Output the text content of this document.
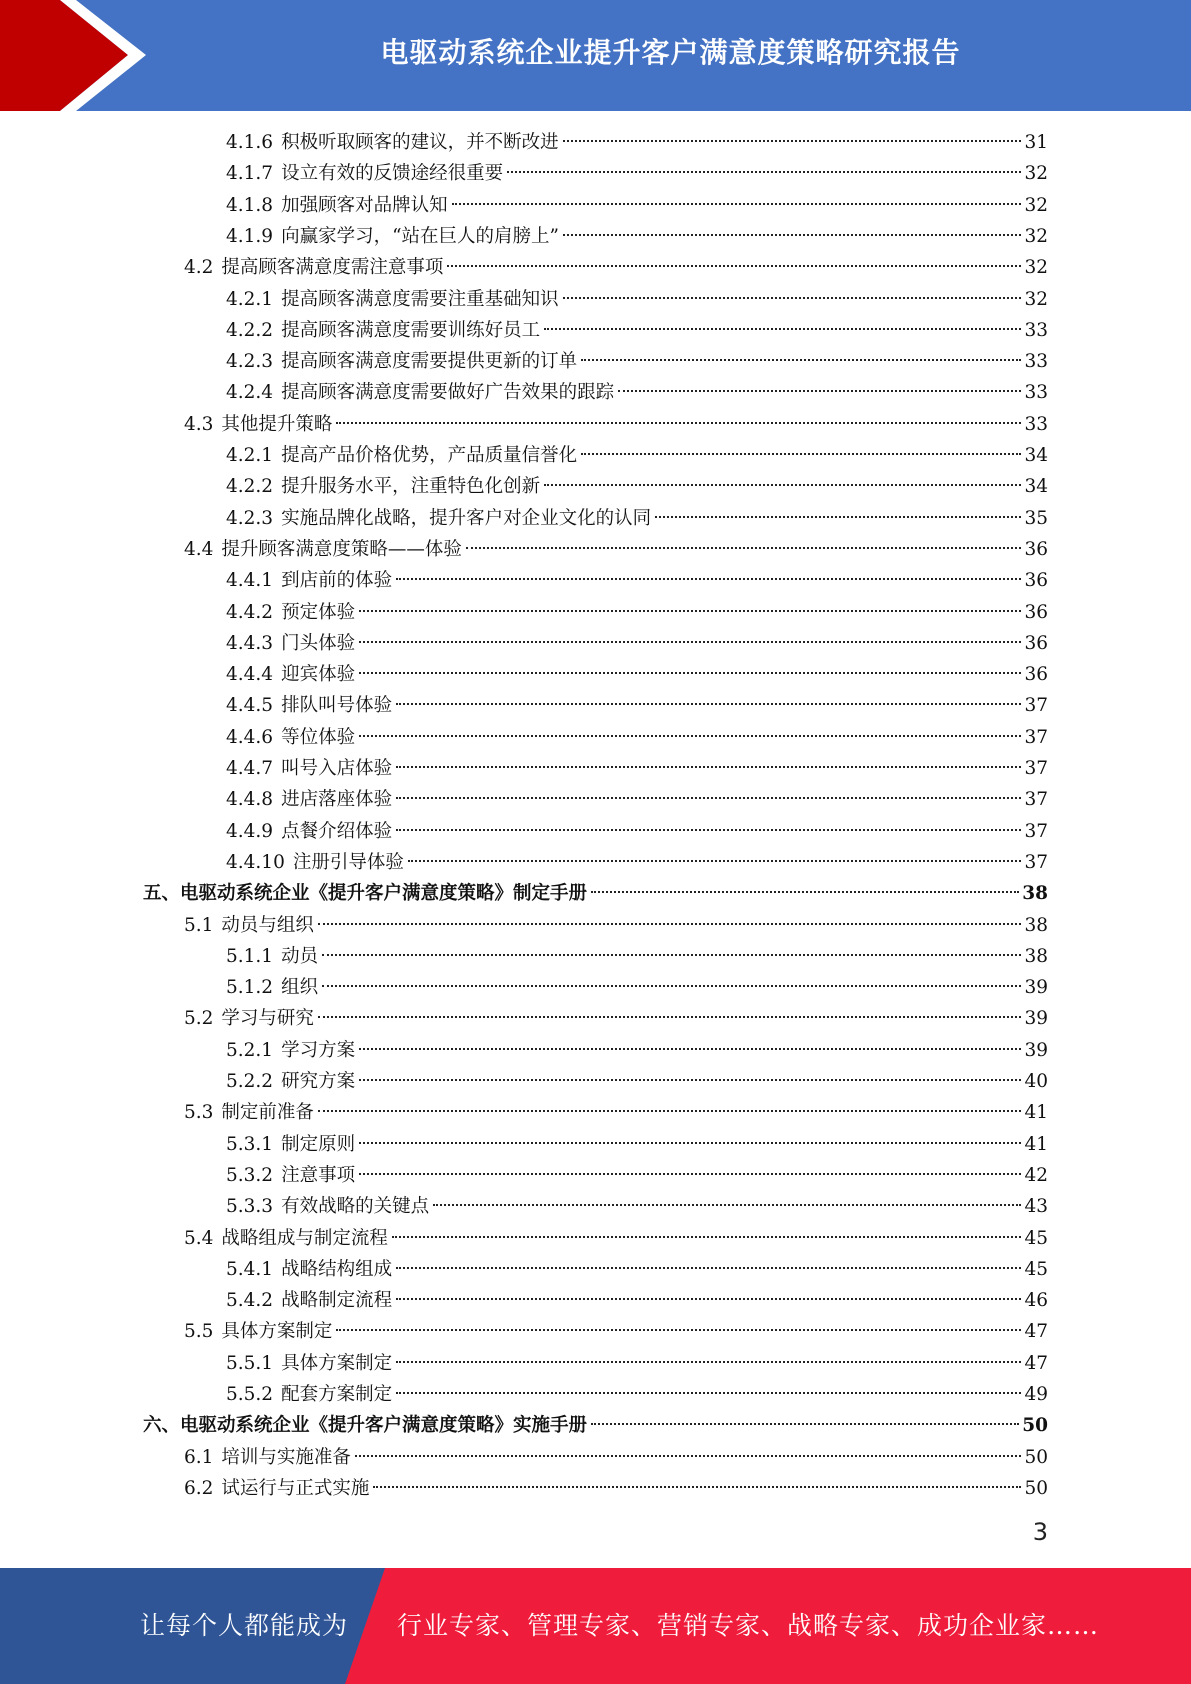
电驱动系统企业提升客户满意度策略研究报告
4.1.6 积极听取顾客的建议，并不断改进	31
4.1.7 设立有效的反馈途经很重要	32
4.1.8 加强顾客对品牌认知	32
4.1.9 向赢家学习，“站在巨人的肩膀上”	32
4.2 提高顾客满意度需注意事项	32
4.2.1 提高顾客满意度需要注重基础知识	32
4.2.2 提高顾客满意度需要训练好员工	33
4.2.3 提高顾客满意度需要提供更新的订单	33
4.2.4 提高顾客满意度需要做好广告效果的跟踪	33
4.3 其他提升策略	33
4.2.1 提高产品价格优势，产品质量信誉化	34
4.2.2 提升服务水平，注重特色化创新	34
4.2.3 实施品牌化战略，提升客户对企业文化的认同	35
4.4 提升顾客满意度策略——体验	36
4.4.1 到店前的体验	36
4.4.2 预定体验	36
4.4.3 门头体验	36
4.4.4 迎宾体验	36
4.4.5 排队叫号体验	37
4.4.6 等位体验	37
4.4.7 叫号入店体验	37
4.4.8 进店落座体验	37
4.4.9 点餐介绍体验	37
4.4.10 注册引导体验	37
五、电驱动系统企业《提升客户满意度策略》制定手册	38
5.1 动员与组织	38
5.1.1 动员	38
5.1.2 组织	39
5.2 学习与研究	39
5.2.1 学习方案	39
5.2.2 研究方案	40
5.3 制定前准备	41
5.3.1 制定原则	41
5.3.2 注意事项	42
5.3.3 有效战略的关键点	43
5.4 战略组成与制定流程	45
5.4.1 战略结构组成	45
5.4.2 战略制定流程	46
5.5 具体方案制定	47
5.5.1 具体方案制定	47
5.5.2 配套方案制定	49
六、电驱动系统企业《提升客户满意度策略》实施手册	50
6.1 培训与实施准备	50
6.2 试运行与正式实施	50
3
让每个人都能成为 行业专家、管理专家、营销专家、战略专家、成功企业家……
